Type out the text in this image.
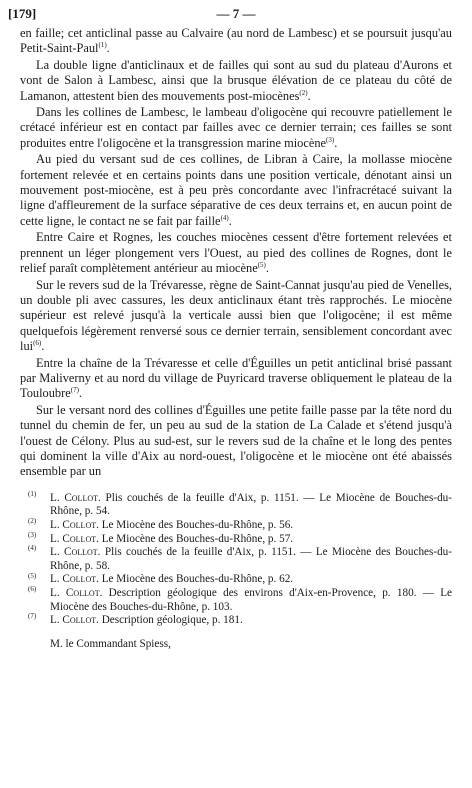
[179]	— 7 —

en faille; cet anticlinal passe au Calvaire (au nord de Lambesc) et se poursuit jusqu'au Petit-Saint-Paul$^{(1)}$.

La double ligne d'anticlinaux et de failles qui sont au sud du plateau d'Aurons et vont de Salon à Lambesc, ainsi que la brusque élévation de ce plateau du côté de Lamanon, attestent bien des mouvements post-miocènes$^{(2)}$.

Dans les collines de Lambesc, le lambeau d'oligocène qui recouvre patiellement le crétacé inférieur est en contact par failles avec ce dernier terrain; ces failles se sont produites entre l'oligocène et la transgression marine miocène$^{(3)}$.

Au pied du versant sud de ces collines, de Libran à Caire, la mollasse miocène fortement relevée et en certains points dans une position verticale, dénotant ainsi un mouvement post-miocène, est à peu près concordante avec l'infracrétacé suivant la ligne d'affleurement de la surface séparative de ces deux terrains et, en aucun point de cette ligne, le contact ne se fait par faille$^{(4)}$.

Entre Caire et Rognes, les couches miocènes cessent d'être fortement relevées et prennent un léger plongement vers l'Ouest, au pied des collines de Rognes, dont le relief paraît complètement antérieur au miocène$^{(5)}$.

Sur le revers sud de la Trévaresse, règne de Saint-Cannat jusqu'au pied de Venelles, un double pli avec cassures, les deux anticlinaux étant très rapprochés. Le miocène supérieur est relevé jusqu'à la verticale aussi bien que l'oligocène; il est même quelquefois légèrement renversé sous ce dernier terrain, sensiblement concordant avec lui$^{(6)}$.

Entre la chaîne de la Trévaresse et celle d'Éguilles un petit anticlinal brisé passant par Maliverny et au nord du village de Puyricard traverse obliquement le plateau de la Touloubre$^{(7)}$.

Sur le versant nord des collines d'Éguilles une petite faille passe par la tête nord du tunnel du chemin de fer, un peu au sud de la station de La Calade et s'étend jusqu'à l'ouest de Célony. Plus au sud-est, sur le revers sud de la chaîne et le long des pentes qui dominent la ville d'Aix au nord-ouest, l'oligocène et le miocène ont été abaissés ensemble par un

(1) L. Collot. Plis couchés de la feuille d'Aix, p. 1151. — Le Miocène de Bouches-du-Rhône, p. 54.
(2) L. Collot. Le Miocène des Bouches-du-Rhône, p. 56.
(3) L. Collot. Le Miocène des Bouches-du-Rhône, p. 57.
(4) L. Collot. Plis couchés de la feuille d'Aix, p. 1151. — Le Miocène des Bouches-du-Rhône, p. 58.
(5) L. Collot. Le Miocène des Bouches-du-Rhône, p. 62.
(6) L. Collot. Description géologique des environs d'Aix-en-Provence, p. 180. — Le Miocène des Bouches-du-Rhône, p. 103.
(7) L. Collot. Description géologique, p. 181.
M. le Commandant Spiess,
